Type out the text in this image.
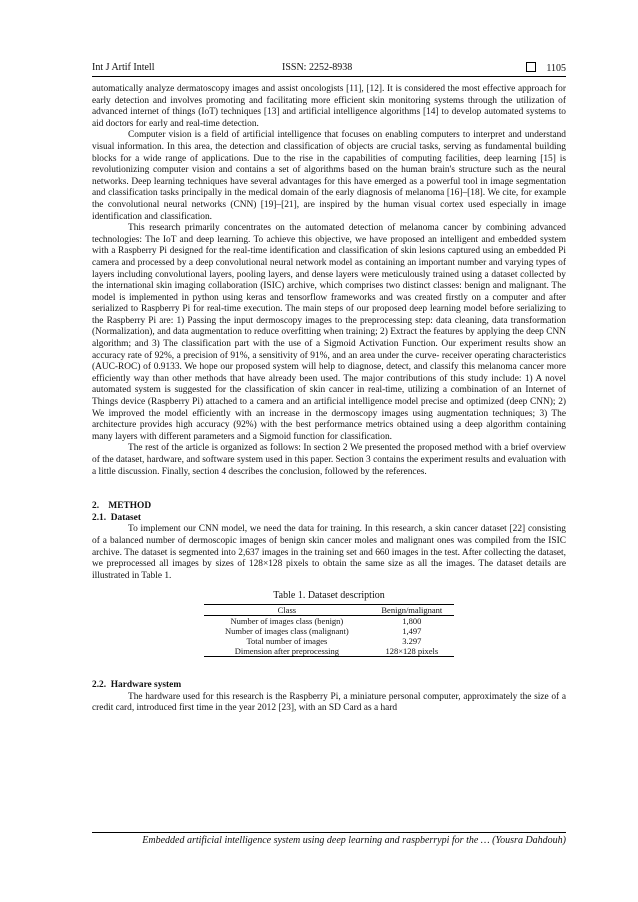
Int J Artif Intell	ISSN: 2252-8938	1105

automatically analyze dermatoscopy images and assist oncologists [11], [12]. It is considered the most effective approach for early detection and involves promoting and facilitating more efficient skin monitoring systems through the utilization of advanced internet of things (IoT) techniques [13] and artificial intelligence algorithms [14] to develop automated systems to aid doctors for early and real-time detection.

Computer vision is a field of artificial intelligence that focuses on enabling computers to interpret and understand visual information. In this area, the detection and classification of objects are crucial tasks, serving as fundamental building blocks for a wide range of applications. Due to the rise in the capabilities of computing facilities, deep learning [15] is revolutionizing computer vision and contains a set of algorithms based on the human brain's structure such as the neural networks. Deep learning techniques have several advantages for this have emerged as a powerful tool in image segmentation and classification tasks principally in the medical domain of the early diagnosis of melanoma [16]–[18]. We cite, for example the convolutional neural networks (CNN) [19]–[21], are inspired by the human visual cortex used especially in image identification and classification.

This research primarily concentrates on the automated detection of melanoma cancer by combining advanced technologies: The IoT and deep learning. To achieve this objective, we have proposed an intelligent and embedded system with a Raspberry Pi designed for the real-time identification and classification of skin lesions captured using an embedded Pi camera and processed by a deep convolutional neural network model as containing an important number and varying types of layers including convolutional layers, pooling layers, and dense layers were meticulously trained using a dataset collected by the international skin imaging collaboration (ISIC) archive, which comprises two distinct classes: benign and malignant. The model is implemented in python using keras and tensorflow frameworks and was created firstly on a computer and after serialized to Raspberry Pi for real-time execution. The main steps of our proposed deep learning model before serializing to the Raspberry Pi are: 1) Passing the input dermoscopy images to the preprocessing step: data cleaning, data transformation (Normalization), and data augmentation to reduce overfitting when training; 2) Extract the features by applying the deep CNN algorithm; and 3) The classification part with the use of a Sigmoid Activation Function. Our experiment results show an accuracy rate of 92%, a precision of 91%, a sensitivity of 91%, and an area under the curve- receiver operating characteristics (AUC-ROC) of 0.9133. We hope our proposed system will help to diagnose, detect, and classify this melanoma cancer more efficiently way than other methods that have already been used. The major contributions of this study include: 1) A novel automated system is suggested for the classification of skin cancer in real-time, utilizing a combination of an Internet of Things device (Raspberry Pi) attached to a camera and an artificial intelligence model precise and optimized (deep CNN); 2) We improved the model efficiently with an increase in the dermoscopy images using augmentation techniques; 3) The architecture provides high accuracy (92%) with the best performance metrics obtained using a deep algorithm containing many layers with different parameters and a Sigmoid function for classification.

The rest of the article is organized as follows: In section 2 We presented the proposed method with a brief overview of the dataset, hardware, and software system used in this paper. Section 3 contains the experiment results and evaluation with a little discussion. Finally, section 4 describes the conclusion, followed by the references.

2.    METHOD

2.1.  Dataset

To implement our CNN model, we need the data for training. In this research, a skin cancer dataset [22] consisting of a balanced number of dermoscopic images of benign skin cancer moles and malignant ones was compiled from the ISIC archive. The dataset is segmented into 2,637 images in the training set and 660 images in the test. After collecting the dataset, we preprocessed all images by sizes of 128×128 pixels to obtain the same size as all the images. The dataset details are illustrated in Table 1.

Table 1. Dataset description
Class	Benign/malignant
Number of images class (benign)	1,800
Number of images class (malignant)	1,497
Total number of images	3.297
Dimension after preprocessing	128×128 pixels

2.2.  Hardware system

The hardware used for this research is the Raspberry Pi, a miniature personal computer, approximately the size of a credit card, introduced first time in the year 2012 [23], with an SD Card as a hard

Embedded artificial intelligence system using deep learning and raspberrypi for the … (Yousra Dahdouh)
